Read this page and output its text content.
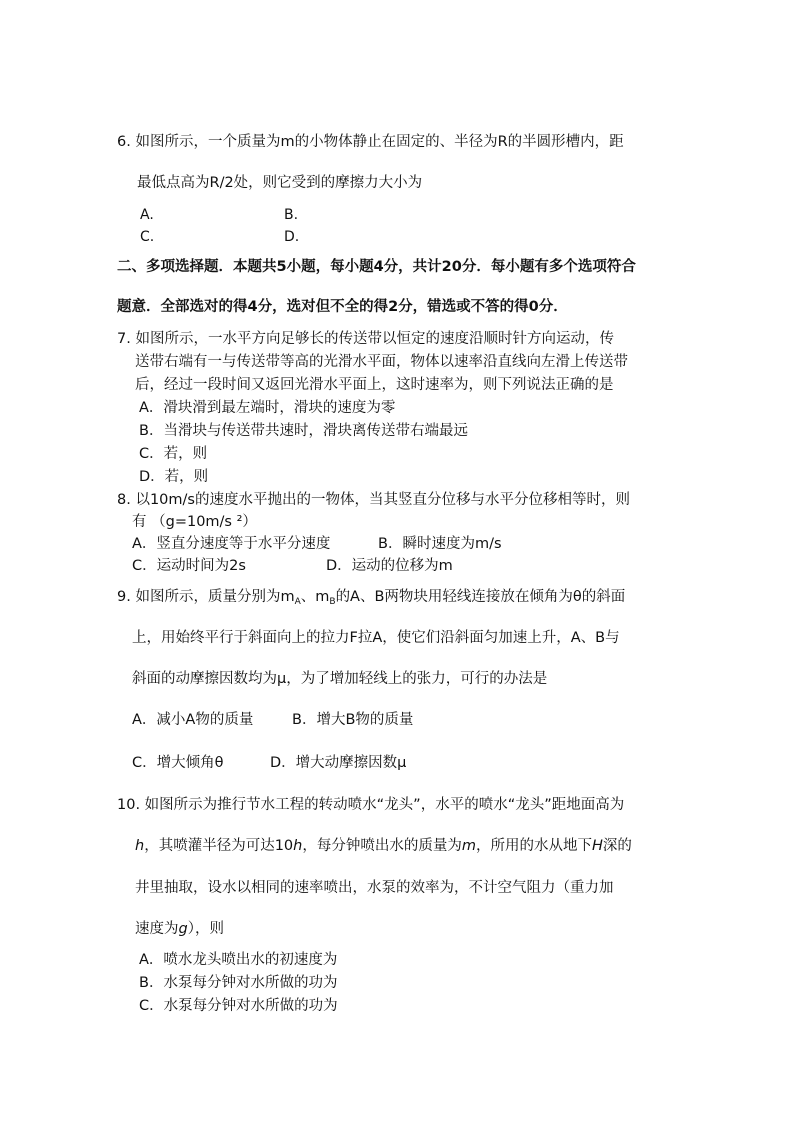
6. 如图所示，一个质量为m的小物体静止在固定的、半径为R的半圆形槽内，距
最低点高为R/2处，则它受到的摩擦力大小为
A.	B.
C.	D.
二、多项选择题．本题共5小题，每小题4分，共计20分．每小题有多个选项符合
题意．全部选对的得4分，选对但不全的得2分，错选或不答的得0分．
7. 如图所示，一水平方向足够长的传送带以恒定的速度沿顺时针方向运动，传
送带右端有一与传送带等高的光滑水平面，物体以速率沿直线向左滑上传送带
后，经过一段时间又返回光滑水平面上，这时速率为，则下列说法正确的是
A．滑块滑到最左端时，滑块的速度为零
B．当滑块与传送带共速时，滑块离传送带右端最远
C．若，则
D．若，则
8. 以10m/s的速度水平抛出的一物体，当其竖直分位移与水平分位移相等时，则
有 （g=10m/s ²）
A．竖直分速度等于水平分速度	B．瞬时速度为m/s
C．运动时间为2s	D．运动的位移为m
9. 如图所示，质量分别为$m_A$、$m_B$的A、B两物块用轻线连接放在倾角为θ的斜面
上，用始终平行于斜面向上的拉力F拉A，使它们沿斜面匀加速上升，A、B与
斜面的动摩擦因数均为μ，为了增加轻线上的张力，可行的办法是
A．减小A物的质量	B．增大B物的质量
C．增大倾角θ	D．增大动摩擦因数μ
10. 如图所示为推行节水工程的转动喷水“龙头”，水平的喷水“龙头”距地面高为
h，其喷灌半径为可达10h，每分钟喷出水的质量为m，所用的水从地下H深的
井里抽取，设水以相同的速率喷出，水泵的效率为，不计空气阻力（重力加
速度为g），则
A．喷水龙头喷出水的初速度为
B．水泵每分钟对水所做的功为
C．水泵每分钟对水所做的功为
